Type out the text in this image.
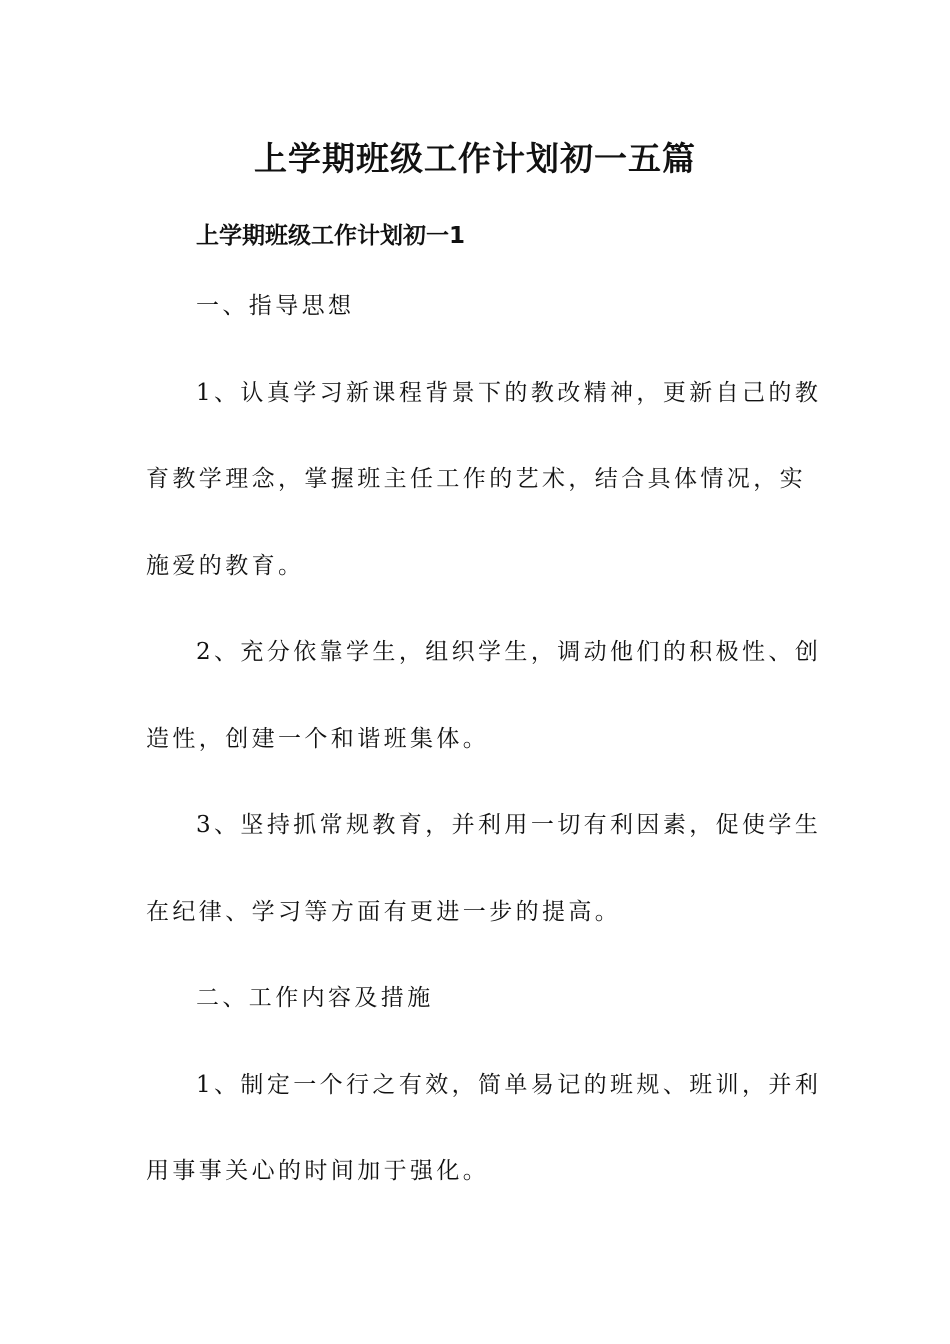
上学期班级工作计划初一五篇
上学期班级工作计划初一1

一、指导思想

1、认真学习新课程背景下的教改精神，更新自己的教

育教学理念，掌握班主任工作的艺术，结合具体情况，实

施爱的教育。

2、充分依靠学生，组织学生，调动他们的积极性、创

造性，创建一个和谐班集体。

3、坚持抓常规教育，并利用一切有利因素，促使学生

在纪律、学习等方面有更进一步的提高。

二、工作内容及措施

1、制定一个行之有效，简单易记的班规、班训，并利

用事事关心的时间加于强化。
